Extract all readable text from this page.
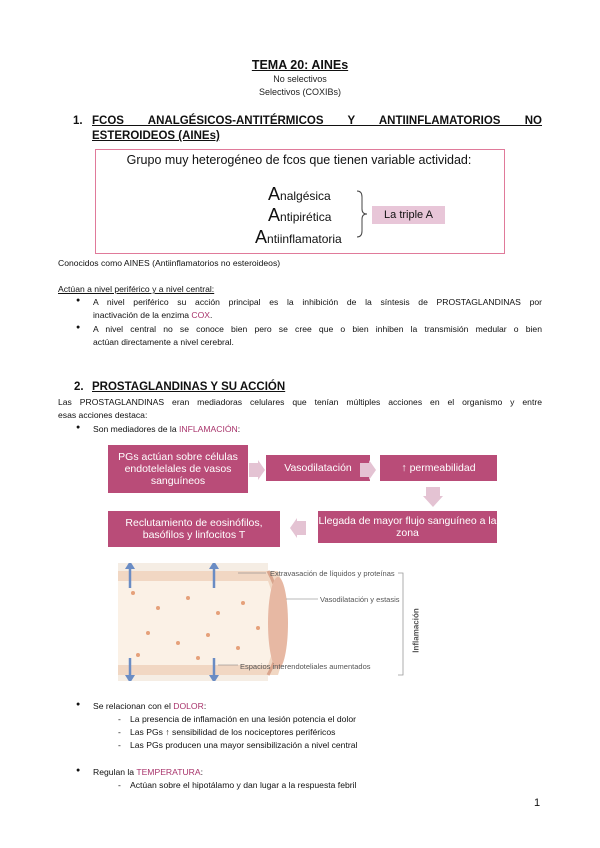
TEMA 20: AINEs
No selectivos
Selectivos (COXIBs)
1. FCOS ANALGÉSICOS-ANTITÉRMICOS Y ANTIINFLAMATORIOS NO
ESTEROIDEOS (AINEs)
Grupo muy heterogéneo de fcos que tienen variable actividad:
Analgésica
Antipirética
Antiinflamatoria
La triple A
Conocidos como AINES (Antiinflamatorios no esteroideos)
Actúan a nivel periférico y a nivel central:
● A nivel periférico su acción principal es la inhibición de la síntesis de PROSTAGLANDINAS por
inactivación de la enzima COX.
● A nivel central no se conoce bien pero se cree que o bien inhiben la transmisión medular o bien
actúan directamente a nivel cerebral.
2. PROSTAGLANDINAS Y SU ACCIÓN
Las PROSTAGLANDINAS eran mediadoras celulares que tenían múltiples acciones en el organismo y entre
esas acciones destaca:
● Son mediadores de la INFLAMACIÓN:
PGs actúan sobre células endotelelales de vasos sanguíneos
Vasodilatación	↑ permeabilidad
Llegada de mayor flujo sanguíneo a la zona
Reclutamiento de eosinófilos, basófilos y linfocitos T
Extravasación de líquidos y proteínas
Vasodilatación y estasis
Espacios interendoteliales aumentados
Inflamación
● Se relacionan con el DOLOR:
- La presencia de inflamación en una lesión potencia el dolor
- Las PGs ↑ sensibilidad de los nociceptores periféricos
- Las PGs producen una mayor sensibilización a nivel central
● Regulan la TEMPERATURA:
- Actúan sobre el hipotálamo y dan lugar a la respuesta febril
1
